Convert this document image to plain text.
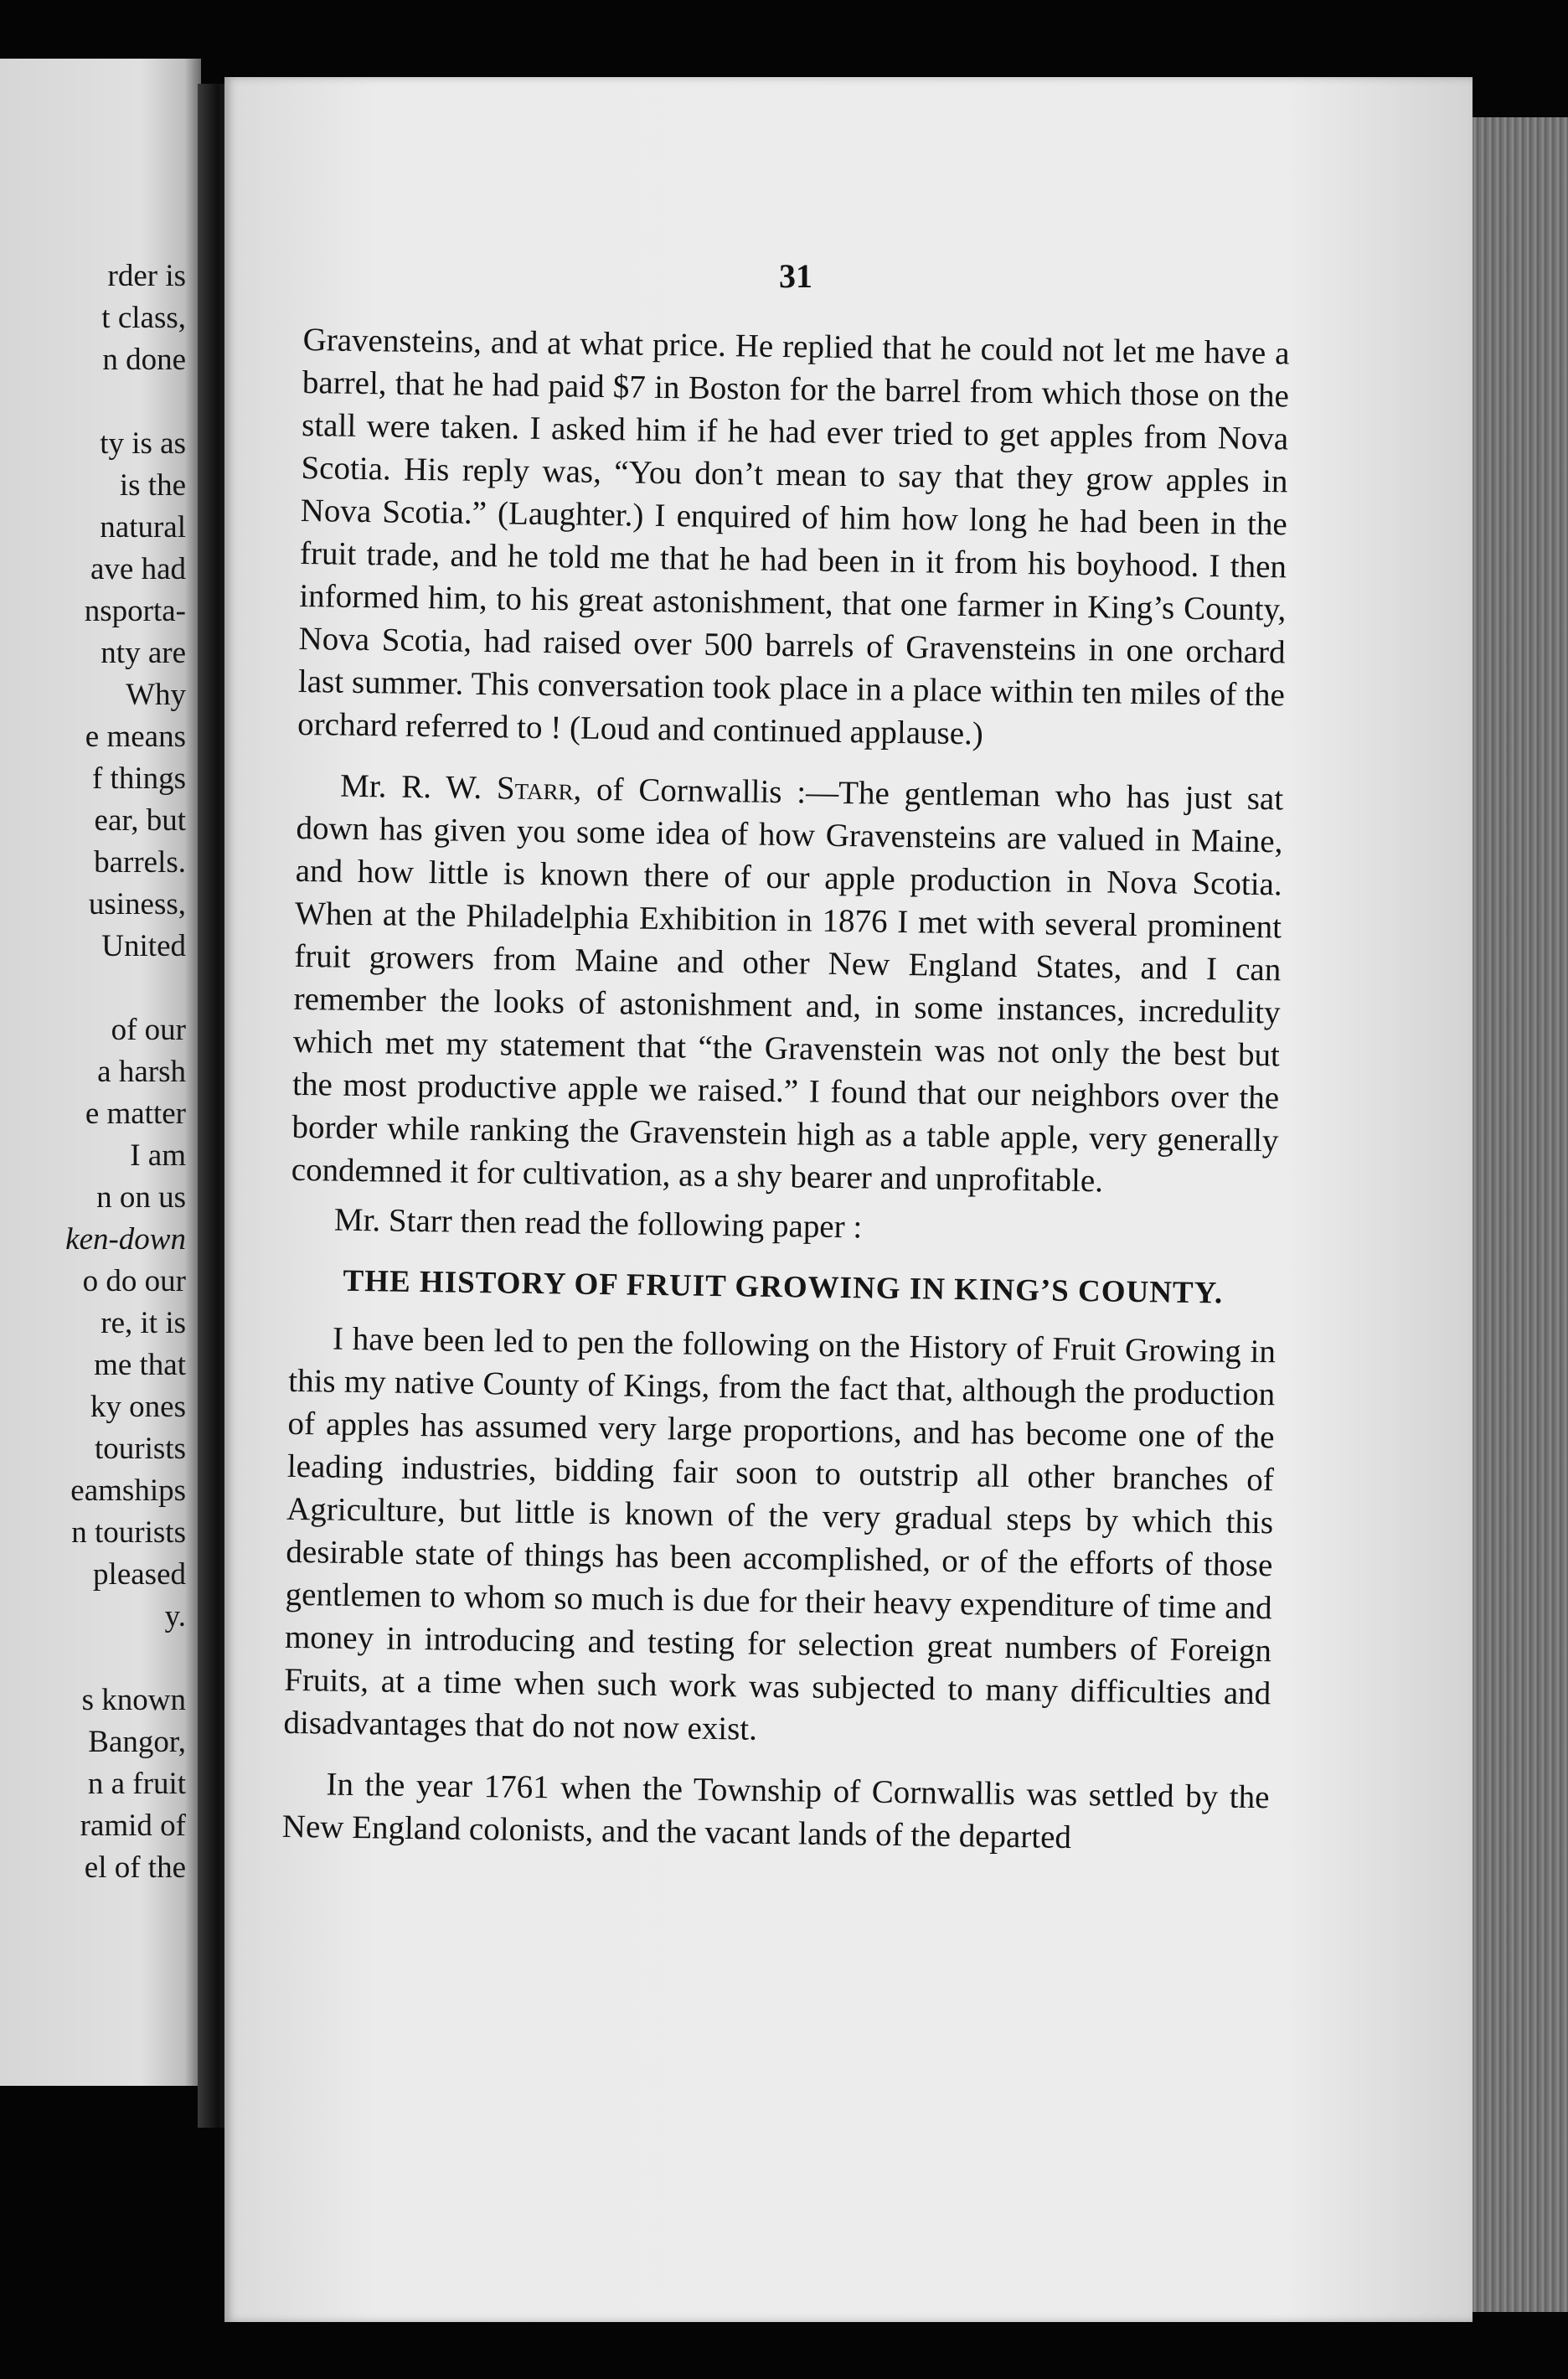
rder is
t class,
n done
ty is as
is the
natural
ave had
nsporta-
nty are
Why
e means
f things
ear, but
barrels.
usiness,
United
of our
a harsh
e matter
I am
n on us
ken-down
o do our
re, it is
me that
ky ones
tourists
eamships
n tourists
pleased
y.
s known
Bangor,
n a fruit
ramid of
el of the
31

Gravensteins, and at what price. He replied that he could not let me have a barrel, that he had paid $7 in Boston for the barrel from which those on the stall were taken. I asked him if he had ever tried to get apples from Nova Scotia. His reply was, “You don’t mean to say that they grow apples in Nova Scotia.” (Laughter.) I enquired of him how long he had been in the fruit trade, and he told me that he had been in it from his boyhood. I then informed him, to his great astonishment, that one farmer in King’s County, Nova Scotia, had raised over 500 barrels of Gravensteins in one orchard last summer. This conversation took place in a place within ten miles of the orchard referred to ! (Loud and continued applause.)

Mr. R. W. Starr, of Cornwallis :—The gentleman who has just sat down has given you some idea of how Gravensteins are valued in Maine, and how little is known there of our apple production in Nova Scotia. When at the Philadelphia Exhibition in 1876 I met with several prominent fruit growers from Maine and other New England States, and I can remember the looks of astonishment and, in some instances, incredulity which met my statement that “the Gravenstein was not only the best but the most productive apple we raised.” I found that our neighbors over the border while ranking the Gravenstein high as a table apple, very generally condemned it for cultivation, as a shy bearer and unprofitable.

Mr. Starr then read the following paper :

THE HISTORY OF FRUIT GROWING IN KING’S COUNTY.

I have been led to pen the following on the History of Fruit Growing in this my native County of Kings, from the fact that, although the production of apples has assumed very large proportions, and has become one of the leading industries, bidding fair soon to outstrip all other branches of Agriculture, but little is known of the very gradual steps by which this desirable state of things has been accomplished, or of the efforts of those gentlemen to whom so much is due for their heavy expenditure of time and money in introducing and testing for selection great numbers of Foreign Fruits, at a time when such work was subjected to many difficulties and disadvantages that do not now exist.

In the year 1761 when the Township of Cornwallis was settled by the New England colonists, and the vacant lands of the departed
